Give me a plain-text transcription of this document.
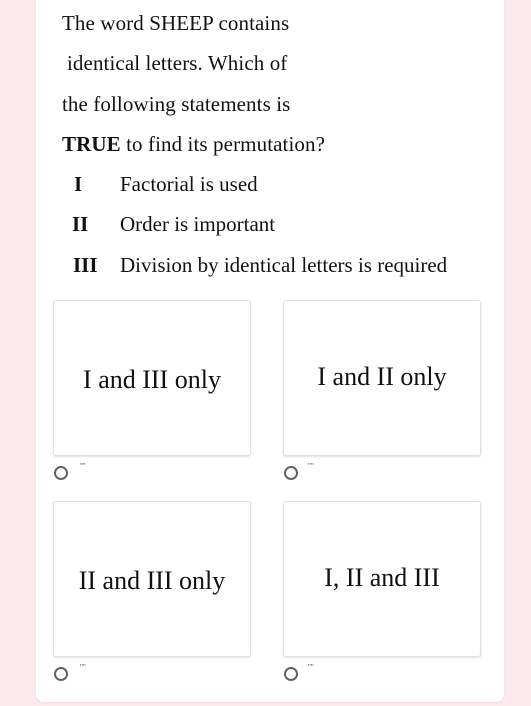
The word SHEEP contains
identical letters. Which of
the following statements is
TRUE to find its permutation?
I Factorial is used
II Order is important
III Division by identical letters is required
I and III only
""
I and II only
""
II and III only
""
I, II and III
""
